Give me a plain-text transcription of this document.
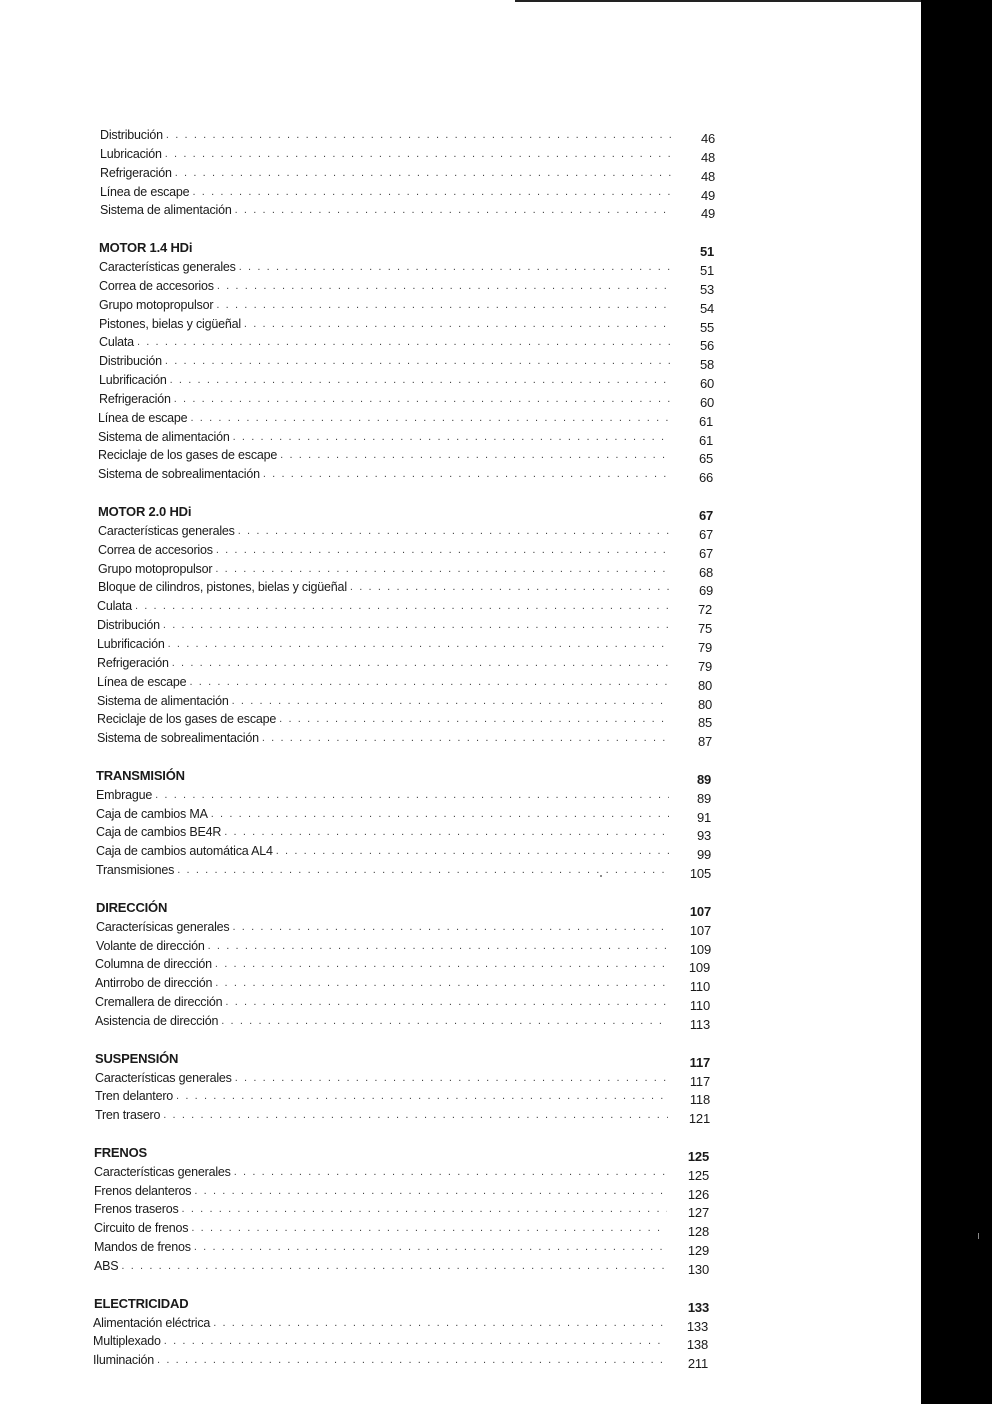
Distribución . . .	46
Lubricación . . .	48
Refrigeración . . .	48
Línea de escape . . .	49
Sistema de alimentación . . .	49
MOTOR 1.4 HDi	51
Características generales . . .	51
Correa de accesorios . . .	53
Grupo motopropulsor . . .	54
Pistones, bielas y cigüeñal . . .	55
Culata . . .	56
Distribución . . .	58
Lubrificación . . .	60
Refrigeración . . .	60
Línea de escape . . .	61
Sistema de alimentación . . .	61
Reciclaje de los gases de escape . . .	65
Sistema de sobrealimentación . . .	66
MOTOR 2.0 HDi	67
Características generales . . .	67
Correa de accesorios . . .	67
Grupo motopropulsor . . .	68
Bloque de cilindros, pistones, bielas y cigüeñal . . .	69
Culata . . .	72
Distribución . . .	75
Lubrificación . . .	79
Refrigeración . . .	79
Línea de escape . . .	80
Sistema de alimentación . . .	80
Reciclaje de los gases de escape . . .	85
Sistema de sobrealimentación . . .	87
TRANSMISIÓN	89
Embrague . . .	89
Caja de cambios MA . . .	91
Caja de cambios BE4R . . .	93
Caja de cambios automática AL4 . . .	99
Transmisiones . . .	105
DIRECCIÓN	107
Caracterísicas generales . . .	107
Volante de dirección . . .	109
Columna de dirección . . .	109
Antirrobo de dirección . . .	110
Cremallera de dirección . . .	110
Asistencia de dirección . . .	113
SUSPENSIÓN	117
Características generales . . .	117
Tren delantero . . .	118
Tren trasero . . .	121
FRENOS	125
Características generales . . .	125
Frenos delanteros . . .	126
Frenos traseros . . .	127
Circuito de frenos . . .	128
Mandos de frenos . . .	129
ABS . . .	130
ELECTRICIDAD	133
Alimentación eléctrica . . .	133
Multiplexado . . .	138
Iluminación . . .	211
